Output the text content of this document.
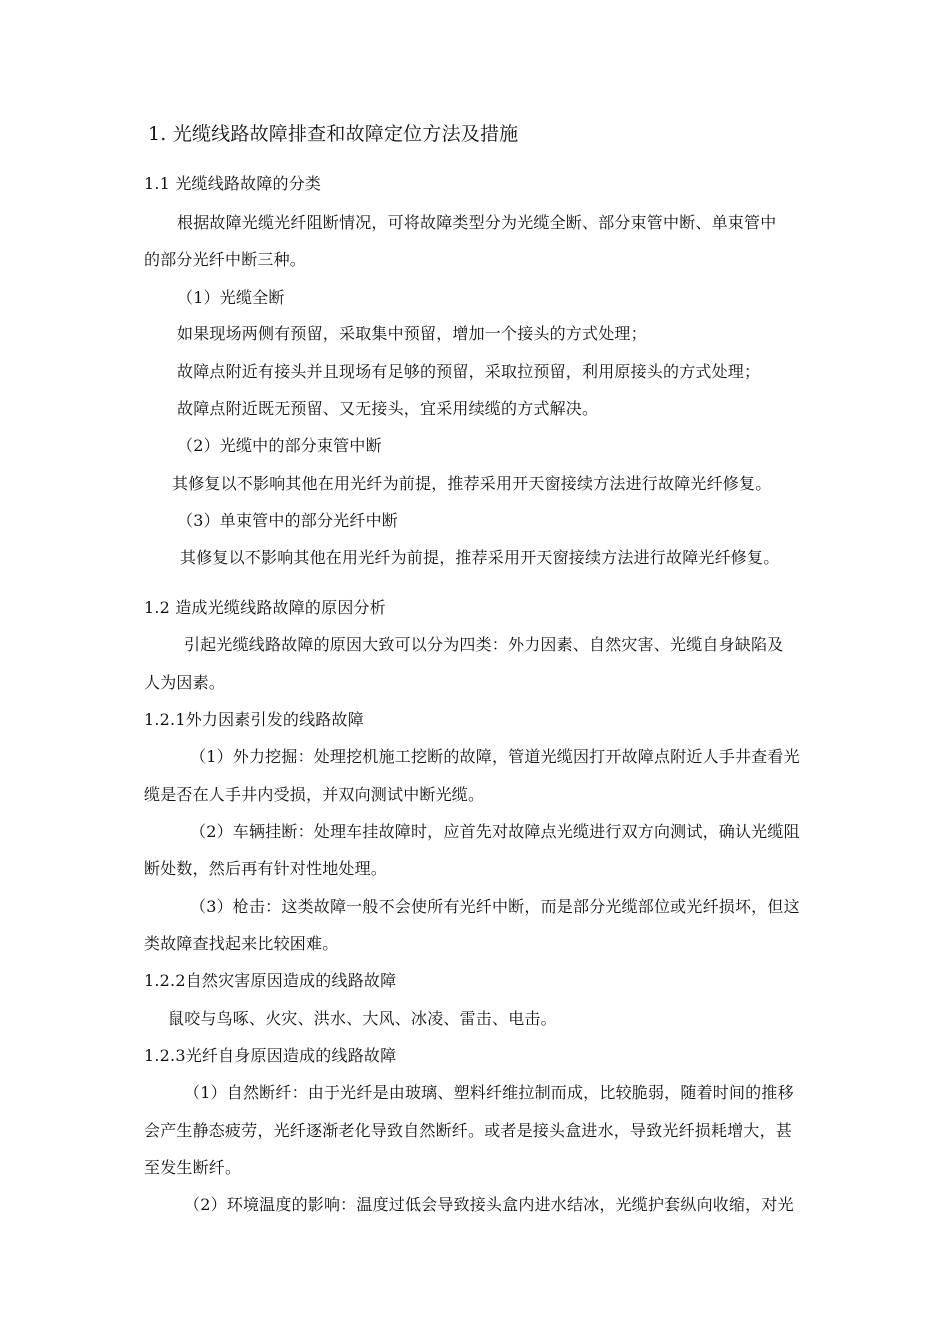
1. 光缆线路故障排查和故障定位方法及措施
1.1 光缆线路故障的分类
根据故障光缆光纤阻断情况，可将故障类型分为光缆全断、部分束管中断、单束管中
的部分光纤中断三种。
（1）光缆全断
如果现场两侧有预留，采取集中预留，增加一个接头的方式处理；
故障点附近有接头并且现场有足够的预留，采取拉预留，利用原接头的方式处理；
故障点附近既无预留、又无接头，宜采用续缆的方式解决。
（2）光缆中的部分束管中断
其修复以不影响其他在用光纤为前提，推荐采用开天窗接续方法进行故障光纤修复。
（3）单束管中的部分光纤中断
其修复以不影响其他在用光纤为前提，推荐采用开天窗接续方法进行故障光纤修复。
1.2 造成光缆线路故障的原因分析
引起光缆线路故障的原因大致可以分为四类：外力因素、自然灾害、光缆自身缺陷及
人为因素。
1.2.1外力因素引发的线路故障
（1）外力挖掘：处理挖机施工挖断的故障，管道光缆因打开故障点附近人手井查看光
缆是否在人手井内受损，并双向测试中断光缆。
（2）车辆挂断：处理车挂故障时，应首先对故障点光缆进行双方向测试，确认光缆阻
断处数，然后再有针对性地处理。
（3）枪击：这类故障一般不会使所有光纤中断，而是部分光缆部位或光纤损坏，但这
类故障查找起来比较困难。
1.2.2自然灾害原因造成的线路故障
鼠咬与鸟啄、火灾、洪水、大风、冰凌、雷击、电击。
1.2.3光纤自身原因造成的线路故障
（1）自然断纤：由于光纤是由玻璃、塑料纤维拉制而成，比较脆弱，随着时间的推移
会产生静态疲劳，光纤逐渐老化导致自然断纤。或者是接头盒进水，导致光纤损耗增大，甚
至发生断纤。
（2）环境温度的影响：温度过低会导致接头盒内进水结冰，光缆护套纵向收缩，对光
